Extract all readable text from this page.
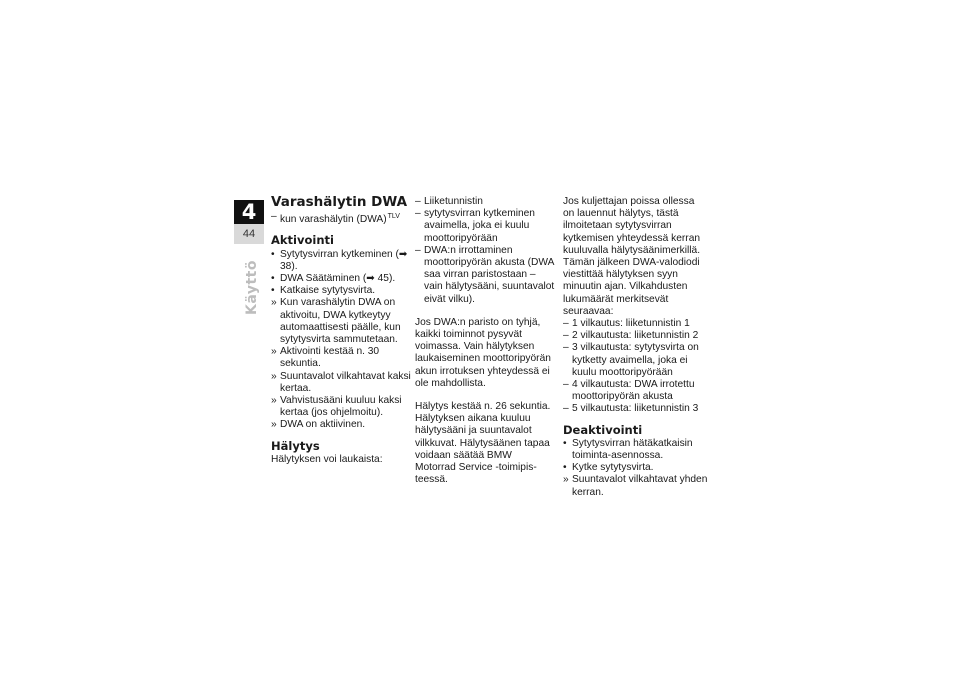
4
44
Käyttö
Varashälytin DWA
– kun varashälytin (DWA)$^{TLV}$
Aktivointi
• Sytytysvirran kytkeminen (➡ 38).
• DWA Säätäminen (➡ 45).
• Katkaise sytytysvirta.
» Kun varashälytin DWA on aktivoitu, DWA kytkeytyy automaattisesti päälle, kun sytytysvirta sammutetaan.
» Aktivointi kestää n. 30 sekuntia.
» Suuntavalot vilkahtavat kaksi kertaa.
» Vahvistusääni kuuluu kaksi kertaa (jos ohjelmoitu).
» DWA on aktiivinen.
Hälytys

Hälytyksen voi laukaista:

– Liiketunnistin
– sytytysvirran kytkeminen avaimella, joka ei kuulu moottoripyörään
– DWA:n irrottaminen moottoripyörän akusta (DWA saa virran paristostaan – vain hälytysääni, suuntavalot eivät vilku).

Jos DWA:n paristo on tyhjä, kaikki toiminnot pysyvät voimassa. Vain hälytyksen laukaiseminen moottoripyörän akun irrotuksen yhteydessä ei ole mahdollista.

Hälytys kestää n. 26 sekuntia. Hälytyksen aikana kuuluu hälytysääni ja suuntavalot vilkkuvat. Hälytysäänen tapaa voidaan säätää BMW Motorrad Service -toimipisteessä.

Jos kuljettajan poissa ollessa on lauennut hälytys, tästä ilmoitetaan sytytysvirran kytkemisen yhteydessä kerran kuuluvalla hälytysäänimerkillä. Tämän jälkeen DWA-valodiodi viestittää hälytyksen syyn minuutin ajan. Vilkahdusten lukumäärät merkitsevät seuraavaa:

– 1 vilkautus: liiketunnistin 1
– 2 vilkautusta: liiketunnistin 2
– 3 vilkautusta: sytytysvirta on kytketty avaimella, joka ei kuulu moottoripyörään
– 4 vilkautusta: DWA irrotettu moottoripyörän akusta
– 5 vilkautusta: liiketunnistin 3
Deaktivointi
• Sytytysvirran hätäkatkaisin toiminta-asennossa.
• Kytke sytytysvirta.
» Suuntavalot vilkahtavat yhden kerran.
